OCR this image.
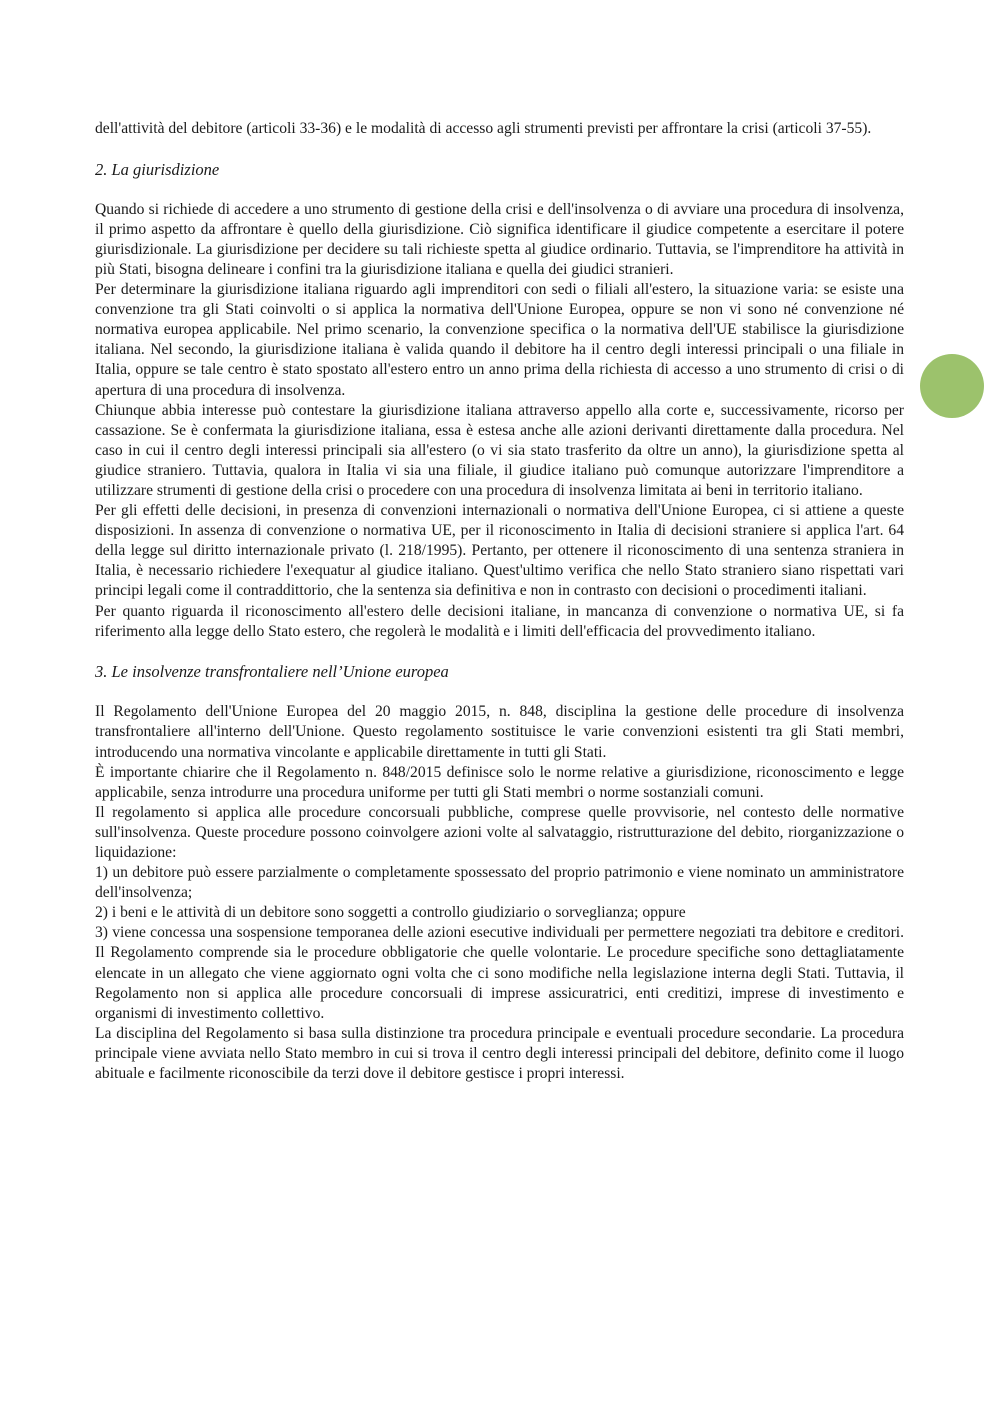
dell'attività del debitore (articoli 33-36) e le modalità di accesso agli strumenti previsti per affrontare la crisi (articoli 37-55).

2. La giurisdizione

Quando si richiede di accedere a uno strumento di gestione della crisi e dell'insolvenza o di avviare una procedura di insolvenza, il primo aspetto da affrontare è quello della giurisdizione. Ciò significa identificare il giudice competente a esercitare il potere giurisdizionale. La giurisdizione per decidere su tali richieste spetta al giudice ordinario. Tuttavia, se l'imprenditore ha attività in più Stati, bisogna delineare i confini tra la giurisdizione italiana e quella dei giudici stranieri.

Per determinare la giurisdizione italiana riguardo agli imprenditori con sedi o filiali all'estero, la situazione varia: se esiste una convenzione tra gli Stati coinvolti o si applica la normativa dell'Unione Europea, oppure se non vi sono né convenzione né normativa europea applicabile. Nel primo scenario, la convenzione specifica o la normativa dell'UE stabilisce la giurisdizione italiana. Nel secondo, la giurisdizione italiana è valida quando il debitore ha il centro degli interessi principali o una filiale in Italia, oppure se tale centro è stato spostato all'estero entro un anno prima della richiesta di accesso a uno strumento di crisi o di apertura di una procedura di insolvenza.

Chiunque abbia interesse può contestare la giurisdizione italiana attraverso appello alla corte e, successivamente, ricorso per cassazione. Se è confermata la giurisdizione italiana, essa è estesa anche alle azioni derivanti direttamente dalla procedura. Nel caso in cui il centro degli interessi principali sia all'estero (o vi sia stato trasferito da oltre un anno), la giurisdizione spetta al giudice straniero. Tuttavia, qualora in Italia vi sia una filiale, il giudice italiano può comunque autorizzare l'imprenditore a utilizzare strumenti di gestione della crisi o procedere con una procedura di insolvenza limitata ai beni in territorio italiano.

Per gli effetti delle decisioni, in presenza di convenzioni internazionali o normativa dell'Unione Europea, ci si attiene a queste disposizioni. In assenza di convenzione o normativa UE, per il riconoscimento in Italia di decisioni straniere si applica l'art. 64 della legge sul diritto internazionale privato (l. 218/1995). Pertanto, per ottenere il riconoscimento di una sentenza straniera in Italia, è necessario richiedere l'exequatur al giudice italiano. Quest'ultimo verifica che nello Stato straniero siano rispettati vari principi legali come il contraddittorio, che la sentenza sia definitiva e non in contrasto con decisioni o procedimenti italiani.

Per quanto riguarda il riconoscimento all'estero delle decisioni italiane, in mancanza di convenzione o normativa UE, si fa riferimento alla legge dello Stato estero, che regolerà le modalità e i limiti dell'efficacia del provvedimento italiano.

3. Le insolvenze transfrontaliere nell’Unione europea

Il Regolamento dell'Unione Europea del 20 maggio 2015, n. 848, disciplina la gestione delle procedure di insolvenza transfrontaliere all'interno dell'Unione. Questo regolamento sostituisce le varie convenzioni esistenti tra gli Stati membri, introducendo una normativa vincolante e applicabile direttamente in tutti gli Stati.

È importante chiarire che il Regolamento n. 848/2015 definisce solo le norme relative a giurisdizione, riconoscimento e legge applicabile, senza introdurre una procedura uniforme per tutti gli Stati membri o norme sostanziali comuni.

Il regolamento si applica alle procedure concorsuali pubbliche, comprese quelle provvisorie, nel contesto delle normative sull'insolvenza. Queste procedure possono coinvolgere azioni volte al salvataggio, ristrutturazione del debito, riorganizzazione o liquidazione:

1) un debitore può essere parzialmente o completamente spossessato del proprio patrimonio e viene nominato un amministratore dell'insolvenza;

2) i beni e le attività di un debitore sono soggetti a controllo giudiziario o sorveglianza; oppure

3) viene concessa una sospensione temporanea delle azioni esecutive individuali per permettere negoziati tra debitore e creditori. Il Regolamento comprende sia le procedure obbligatorie che quelle volontarie. Le procedure specifiche sono dettagliatamente elencate in un allegato che viene aggiornato ogni volta che ci sono modifiche nella legislazione interna degli Stati. Tuttavia, il Regolamento non si applica alle procedure concorsuali di imprese assicuratrici, enti creditizi, imprese di investimento e organismi di investimento collettivo.

La disciplina del Regolamento si basa sulla distinzione tra procedura principale e eventuali procedure secondarie. La procedura principale viene avviata nello Stato membro in cui si trova il centro degli interessi principali del debitore, definito come il luogo abituale e facilmente riconoscibile da terzi dove il debitore gestisce i propri interessi.
